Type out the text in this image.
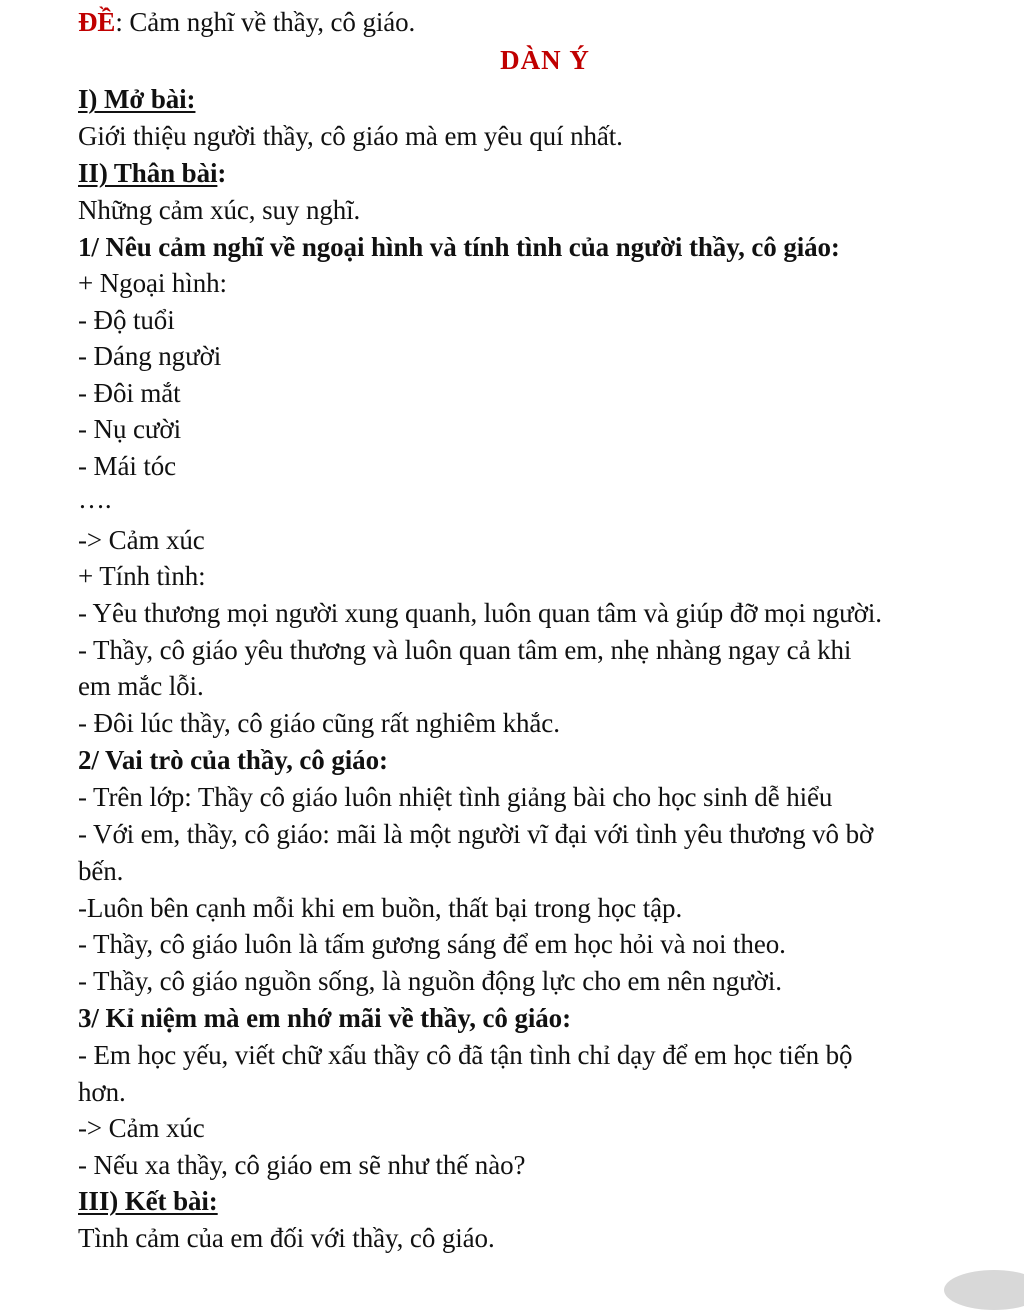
ĐỀ: Cảm nghĩ về thầy, cô giáo.
DÀN Ý
I) Mở bài:
Giới thiệu người thầy, cô giáo mà em yêu quí nhất.
II) Thân bài:
Những cảm xúc, suy nghĩ.
1/ Nêu cảm nghĩ về ngoại hình và tính tình của người thầy, cô giáo:
+ Ngoại hình:
- Độ tuổi
- Dáng người
- Đôi mắt
- Nụ cười
- Mái tóc
….
-> Cảm xúc
+ Tính tình:
- Yêu thương mọi người xung quanh, luôn quan tâm và giúp đỡ mọi người.
- Thầy, cô giáo yêu thương và luôn quan tâm em, nhẹ nhàng ngay cả khi
em mắc lỗi.
- Đôi lúc thầy, cô giáo cũng rất nghiêm khắc.
2/ Vai trò của thầy, cô giáo:
- Trên lớp: Thầy cô giáo luôn nhiệt tình giảng bài cho học sinh dễ hiểu
- Với em, thầy, cô giáo: mãi là một người vĩ đại với tình yêu thương vô bờ
bến.
-Luôn bên cạnh mỗi khi em buồn, thất bại trong học tập.
- Thầy, cô giáo luôn là tấm gương sáng để em học hỏi và noi theo.
- Thầy, cô giáo nguồn sống, là nguồn động lực cho em nên người.
3/ Kỉ niệm mà em nhớ mãi về thầy, cô giáo:
- Em học yếu, viết chữ xấu thầy cô đã tận tình chỉ dạy để em học tiến bộ
hơn.
-> Cảm xúc
- Nếu xa thầy, cô giáo em sẽ như thế nào?
III) Kết bài:
Tình cảm của em đối với thầy, cô giáo.
